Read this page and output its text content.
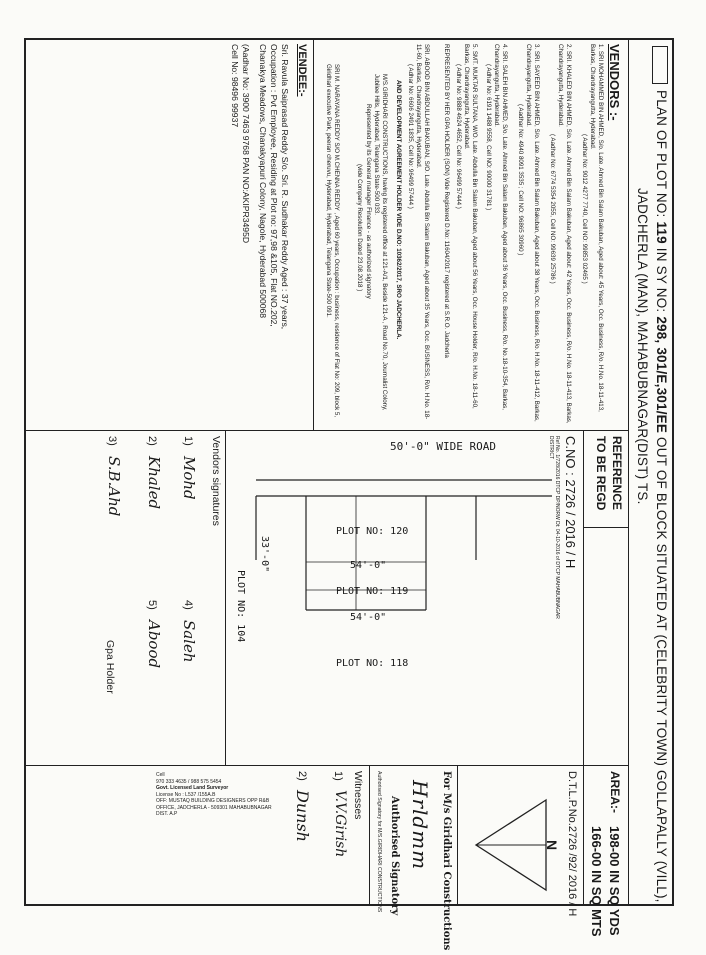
PLAN OF PLOT NO: 119 IN SY NO: 298, 301/E,301/EE OUT OF BLOCK SITUATED AT (CELEBRITY TOWN) GOLLAPALLY (VILL),
JADCHERLA (MAN), MAHABUBNAGAR(DIST) TS.
VENDORS :-
1. SRI MOHAMMED BIN AHMED, S/o. Late. Ahmed Bin Salam Bakuban, Aged about: 45 Years, Occ. Business, R/o. H.No. 18-11-413, Barkas, Chandrayangutta, Hyderabad.
( Aadhar No: 9012 4277 7740, Cell NO: 99853 02465 )
2. SRI. KHALED BIN AHMED, S/o. Late. Ahmed Bin Salam Bakuban, Aged about: 42 Years, Occ. Business, R/o. H.No. 18-11-413, Barkas, Chandrayangutta, Hyderabad.
( Aadhar No: 6774 5354 2055, Cell NO: 99639 25786 )
3. SRI. SAYEED BIN AHMED, S/o. Late. Ahmed Bin Salam Bakuban, Aged about 38 Years, Occ. Business, R/o. H.No. 18-11-412, Barkas, Chandrayangutta, Hyderabad.
( Aadhar No: 4940 8091 3535 ; Cell NO: 96865 30960 )
4. SRI. SALEH BIN AHMED, S/o. Late. Ahmed Bin Salam Bakuban, Aged about 36 Years, Occ. Business, R/o. No.18-10-354, Barkas, Chandrayangutta, Hyderabad.
( Adhar No: 6191 1488 9558, Cell NO: 90000 31781 )
5. SMT. MUKTAR SULTANA, W/O. Late. Abdulla Bin Salam Bakuban, Aged about 56 Years, Occ. House Holder, R/o. H.No. 18-11-60, Barkas, Chandrayangutta, Hyderabad.
( Adhar No: 9888 4624 4652, Cell No: 96499 57444 )
REPRESENTED BY HER GPA HOLDER (SON) Vide Registered D.No: 11604/2017 registered at S.R.O. Jadcherla
SRI. ABOOD BIN ABDULLAH BAKUBAN, S/O. Late. Abdulla Bin Salam Bakuban, Aged about 35 Years, Occ. BUSINESS, R/o. H.No. 18-11-60, Barkas, Chandrayangutta, Hyderabad.
( Adhar No: 6606 2491 1835, Cell No: 96499 57444 )
AND DEVELOPMENT AGREEMENT HOLDER VIDE D.NO: 10362/2017, SRO JADCHERLA.
M/S.GIRIDHARI CONSTRUCTIONS, having its registered office at 121-A/1, Beside 121-A , Road No.70, Journalist Colony, Jubilee Hills, Hyderabad, Telangana State-500 033.
Represented by its General manager Finance - as authorized signatory
(vide Company Resolution Dated 23.08.2018 )
SRI M. NARAYANA REDDY S/O M.CHENNA REDDY , Aged 60 years, Occupation : business, residence of Flat No: 209, block 5, Giridhari executive Park, peeran cheruvu, Hyderabad, Hyderabad, Telangana State-500 091.
VENDEE:-
Sri. Ravula Saiprasad Reddy S/o. Sri. R. Sudhakar Reddy Aged : 37 years,
Occupation : Pvt Employee, Residing at Plot no: 97,98 &105, Flat NO.202,
Chanakya Meadows, Chanakyapuri Colony, Nagole, Hyderabad 500068
(Aadhar No: 3900 7463 9768 PAN NO:AKIPR3495D
Cell No: 98496 99937
REFERENCE
TO BE REGD
C.NO : 2726 / 2016 / H
Ref No. 1/728/2016 DTCP DP/NORW Dt: 04-10-2016 of DTCP MAHABUBNAGAR DISTRICT
50'-0" WIDE ROAD
PLOT NO: 120
54'-0"
PLOT NO: 119
54'-0"
PLOT NO: 118
33'-0"
PLOT NO: 104
Vendors signatures
1)
Mohd
2)
Khaled
3)
S.B.Ahd
4)
Saleh
5)
Abood
Gpa Holder
AREA:-
198-00 IN SQ YDS
166-00 IN SQ MTS
D.T.L.P.No.2726 /92/ 2016 / H
N
For M/s Giridhari Constructions
Hrldmm
Authorised Signatory
Authorised Signatory for M/S.GIRIDHARI CONSTRUCTIONS
Witnesses
1)
V.V.Girish
2)
Dunsh
Cell
970 333 4635 / 988 575 5454
Govt. Licensed Land Surveyor
License No : L537 /155A.B
OFF: MUSTAQ BUILDING DESIGNERS OPP R&B OFFICE, JADCHERLA - 509301 MAHABUBNAGAR DIST. A.P
